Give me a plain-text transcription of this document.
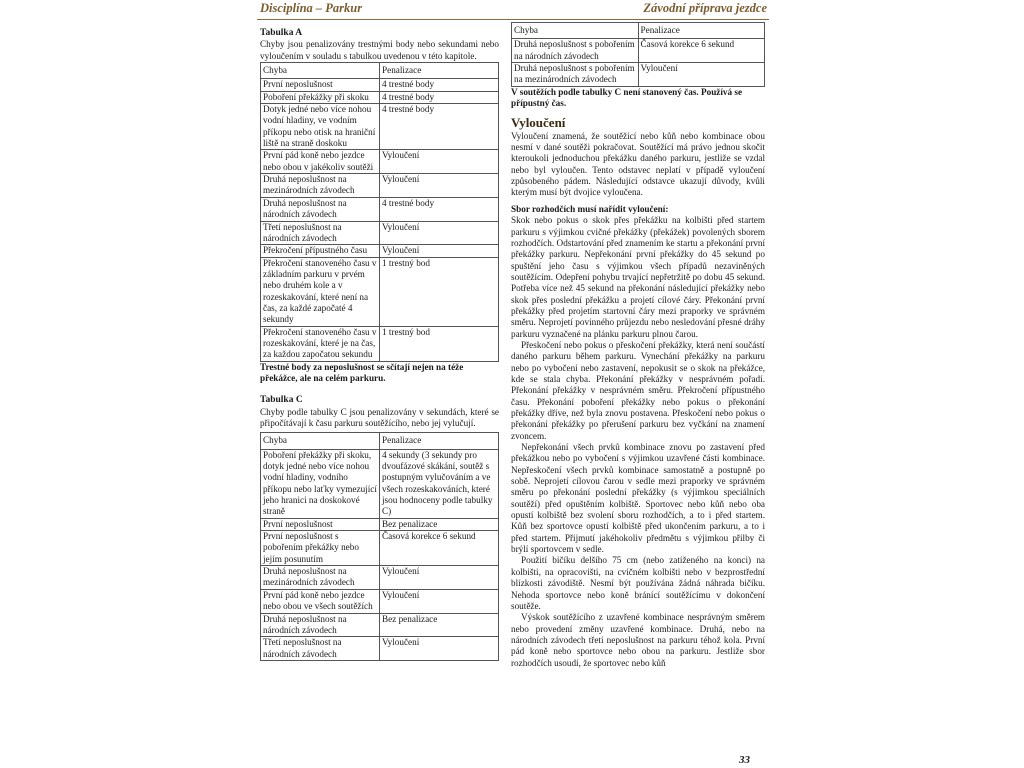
Disciplína – Parkur	Závodní příprava jezdce
Tabulka A

Chyby jsou penalizovány trestnými body nebo sekundami nebo vyloučením v souladu s tabulkou uvedenou v této kapitole.

Chyba	Penalizace
První neposlušnost	4 trestné body
Poboření překážky při skoku	4 trestné body
Dotyk jedné nebo více nohou vodní hladiny, ve vodním příkopu nebo otisk na hraniční liště na straně doskoku	4 trestné body
První pád koně nebo jezdce nebo obou v jakékoliv soutěži	Vyloučení
Druhá neposlušnost na mezinárodních závodech	Vyloučení
Druhá neposlušnost na národních závodech	4 trestné body
Třetí neposlušnost na národních závodech	Vyloučení
Překročení přípustného času	Vyloučení
Překročení stanoveného času v základním parkuru v prvém nebo druhém kole a v rozeskakování, které není na čas, za každé započaté 4 sekundy	1 trestný bod
Překročení stanoveného času v rozeskakování, které je na čas, za každou započatou sekundu	1 trestný bod

Trestné body za neposlušnost se sčítají nejen na téže překážce, ale na celém parkuru.

Tabulka C

Chyby podle tabulky C jsou penalizovány v sekundách, které se připočítávají k času parkuru soutěžícího, nebo jej vylučují.

Chyba	Penalizace
Poboření překážky při skoku, dotyk jedné nebo více nohou vodní hladiny, vodního příkopu nebo laťky vymezující jeho hranici na doskokové straně	4 sekundy (3 sekundy pro dvoufázové skákání, soutěž s postupným vylučováním a ve všech rozeskakováních, které jsou hodnoceny podle tabulky C)
První neposlušnost	Bez penalizace
První neposlušnost s pobořením překážky nebo jejím posunutím	Časová korekce 6 sekund
Druhá neposlušnost na mezinárodních závodech	Vyloučení
První pád koně nebo jezdce nebo obou ve všech soutěžích	Vyloučení
Druhá neposlušnost na národních závodech	Bez penalizace
Třetí neposlušnost na národních závodech	Vyloučení
Chyba	Penalizace
Druhá neposlušnost s pobořením na národních závodech	Časová korekce 6 sekund
Druhá neposlušnost s pobořením na mezinárodních závodech	Vyloučení

V soutěžích podle tabulky C není stanovený čas. Používá se přípustný čas.

Vyloučení

Vyloučení znamená, že soutěžící nebo kůň nebo kombinace obou nesmí v dané soutěži pokračovat. Soutěžící má právo jednou skočit kteroukoli jednoduchou překážku daného parkuru, jestliže se vzdal nebo byl vyloučen. Tento odstavec neplatí v případě vyloučení způsobeného pádem. Následující odstavce ukazují důvody, kvůli kterým musí být dvojice vyloučena.

Sbor rozhodčích musí nařídit vyloučení:

Skok nebo pokus o skok přes překážku na kolbišti před startem parkuru s výjimkou cvičné překážky (překážek) povolených sborem rozhodčích. Odstartování před znamením ke startu a překonání první překážky parkuru. Nepřekonání první překážky do 45 sekund po spuštění jeho času s výjimkou všech případů nezaviněných soutěžícím. Odepření pohybu trvající nepřetržitě po dobu 45 sekund. Potřeba více než 45 sekund na překonání následující překážky nebo skok přes poslední překážku a projetí cílové čáry. Překonání první překážky před projetím startovní čáry mezi praporky ve správném směru. Neprojetí povinného průjezdu nebo nesledování přesné dráhy parkuru vyznačené na plánku parkuru plnou čarou.

Přeskočení nebo pokus o přeskočení překážky, která není součástí daného parkuru během parkuru. Vynechání překážky na parkuru nebo po vybočení nebo zastavení, nepokusit se o skok na překážce, kde se stala chyba. Překonání překážky v nesprávném pořadí. Překonání překážky v nesprávném směru. Překročení přípustného času. Překonání poboření překážky nebo pokus o překonání překážky dříve, než byla znovu postavena. Přeskočení nebo pokus o překonání překážky po přerušení parkuru bez vyčkání na znamení zvoncem.

Nepřekonání všech prvků kombinace znovu po zastavení před překážkou nebo po vybočení s výjimkou uzavřené části kombinace. Nepřeskočení všech prvků kombinace samostatně a postupně po sobě. Neprojetí cílovou čarou v sedle mezi praporky ve správném směru po překonání poslední překážky (s výjimkou speciálních soutěží) před opuštěním kolbiště. Sportovec nebo kůň nebo oba opustí kolbiště bez svolení sboru rozhodčích, a to i před startem. Kůň bez sportovce opustí kolbiště před ukončením parkuru, a to i před startem. Přijmutí jakéhokoliv předmětu s výjimkou přilby či brýlí sportovcem v sedle.

Použití bičíku delšího 75 cm (nebo zatíženého na konci) na kolbišti, na opracovišti, na cvičném kolbišti nebo v bezprostřední blízkosti závodiště. Nesmí být používána žádná náhrada bičíku. Nehoda sportovce nebo koně bránící soutěžícímu v dokončení soutěže.

Výskok soutěžícího z uzavřené kombinace nesprávným směrem nebo provedení změny uzavřené kombinace. Druhá, nebo na národních závodech třetí neposlušnost na parkuru téhož kola. První pád koně nebo sportovce nebo obou na parkuru. Jestliže sbor rozhodčích usoudí, že sportovec nebo kůň

33
